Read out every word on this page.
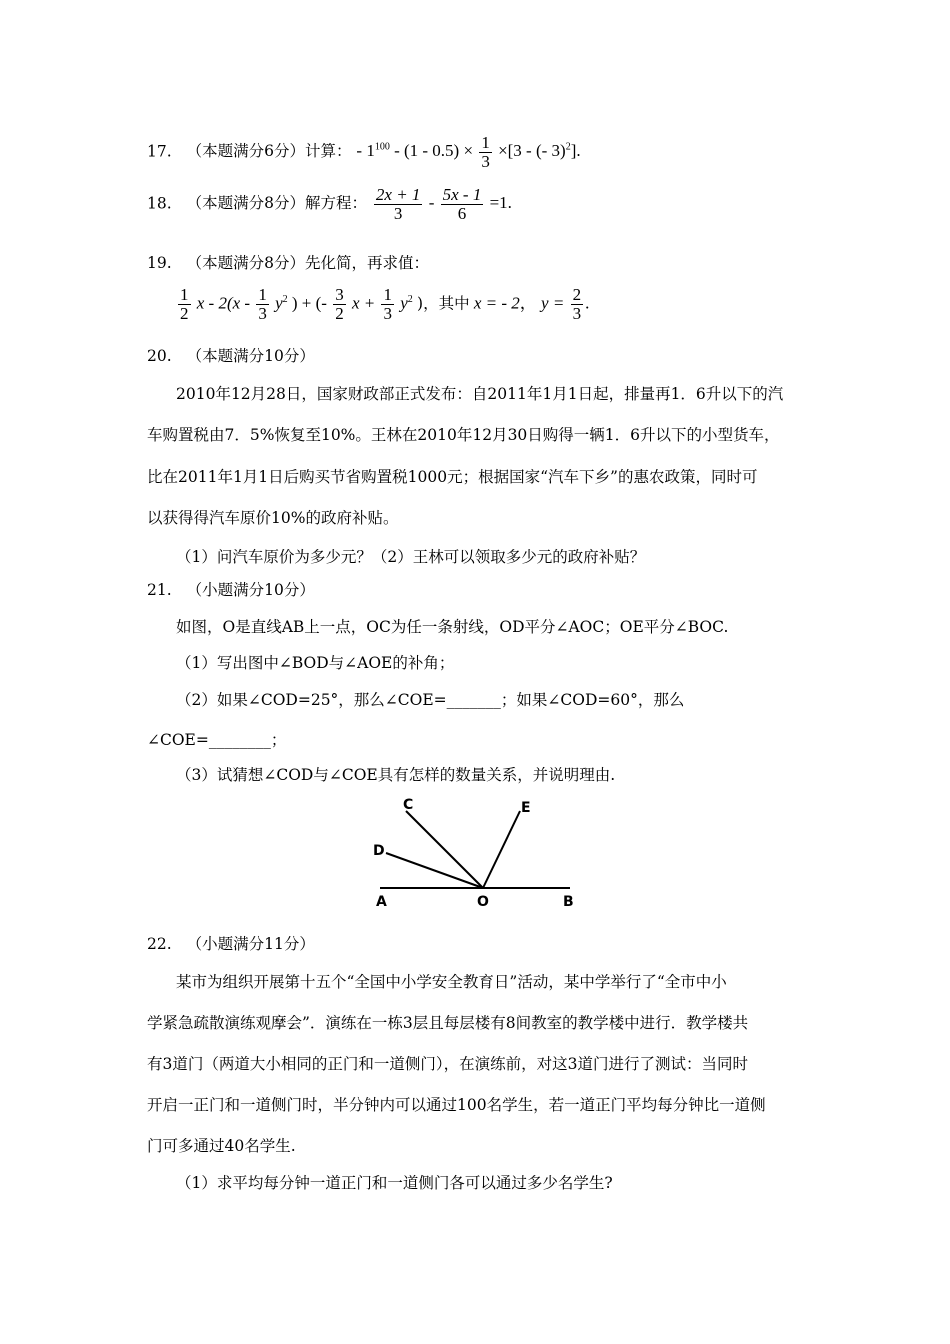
17. （本题满分6分）计算： - $1^{100} - (1 - 0.5) \times \frac{1}{3} \times[3$ - (- 3)$^2$].
18. （本题满分8分）解方程： $\frac{2x + 1}{3} - \frac{5x - 1}{6} =1$.
19. （本题满分8分）先化简，再求值：
$\frac{1}{2}$ x - $2(x - \frac{1}{3} y^2$ ) + (- $\frac{3}{2}$ $x + \frac{1}{3} y^2$ )，其中 x = - 2， $y = \frac{2}{3}$ .
20. （本题满分10分）
2010年12月28日，国家财政部正式发布：自2011年1月1日起，排量再1．6升以下的汽
车购置税由7．5%恢复至10%。王林在2010年12月30日购得一辆1．6升以下的小型货车，
比在2011年1月1日后购买节省购置税1000元；根据国家“汽车下乡”的惠农政策，同时可
以获得得汽车原价10%的政府补贴。
（1）问汽车原价为多少元？（2）王林可以领取多少元的政府补贴？
21. （小题满分10分）
如图，O是直线AB上一点，OC为任一条射线，OD平分∠AOC；OE平分∠BOC.
（1）写出图中∠BOD与∠AOE的补角；
（2）如果∠COD=25°，那么∠COE=_______；如果∠COD=60°，那么
∠COE=________；
（3）试猜想∠COD与∠COE具有怎样的数量关系，并说明理由.
C	E
D
A	O	B
22. （小题满分11分）
某市为组织开展第十五个“全国中小学安全教育日”活动，某中学举行了“全市中小
学紧急疏散演练观摩会”．演练在一栋3层且每层楼有8间教室的教学楼中进行．教学楼共
有3道门（两道大小相同的正门和一道侧门），在演练前，对这3道门进行了测试：当同时
开启一正门和一道侧门时，半分钟内可以通过100名学生，若一道正门平均每分钟比一道侧
门可多通过40名学生.
（1）求平均每分钟一道正门和一道侧门各可以通过多少名学生?
